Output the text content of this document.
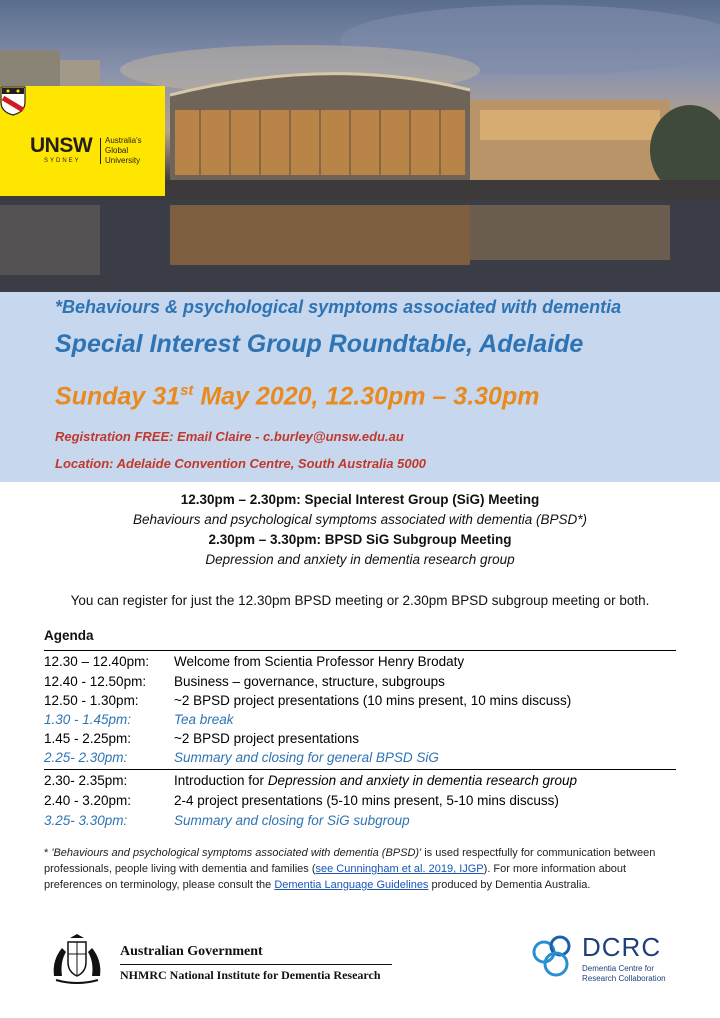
UNSW
SYDNEY
Australia's Global University
*Behaviours & psychological symptoms associated with dementia
Special Interest Group Roundtable, Adelaide
Sunday 31st May 2020, 12.30pm – 3.30pm
Registration FREE: Email Claire - c.burley@unsw.edu.au
Location: Adelaide Convention Centre, South Australia 5000
12.30pm – 2.30pm: Special Interest Group (SiG) Meeting
Behaviours and psychological symptoms associated with dementia (BPSD*)
2.30pm – 3.30pm: BPSD SiG Subgroup Meeting
Depression and anxiety in dementia research group
You can register for just the 12.30pm BPSD meeting or 2.30pm BPSD subgroup meeting or both.
Agenda
12.30 – 12.40pm: Welcome from Scientia Professor Henry Brodaty
12.40 - 12.50pm: Business – governance, structure, subgroups
12.50 - 1.30pm:	~2 BPSD project presentations (10 mins present, 10 mins discuss)
1.30 - 1.45pm:	Tea break
1.45 - 2.25pm:	~2 BPSD project presentations
2.25- 2.30pm:	Summary and closing for general BPSD SiG
2.30- 2.35pm:	Introduction for Depression and anxiety in dementia research group
2.40 - 3.20pm:	2-4 project presentations (5-10 mins present, 5-10 mins discuss)
3.25- 3.30pm:	Summary and closing for SiG subgroup
* 'Behaviours and psychological symptoms associated with dementia (BPSD)' is used respectfully for communication between professionals, people living with dementia and families (see Cunningham et al. 2019, IJGP). For more information about preferences on terminology, please consult the Dementia Language Guidelines produced by Dementia Australia.
Australian Government
NHMRC National Institute for Dementia Research
DCRC
Dementia Centre for Research Collaboration
